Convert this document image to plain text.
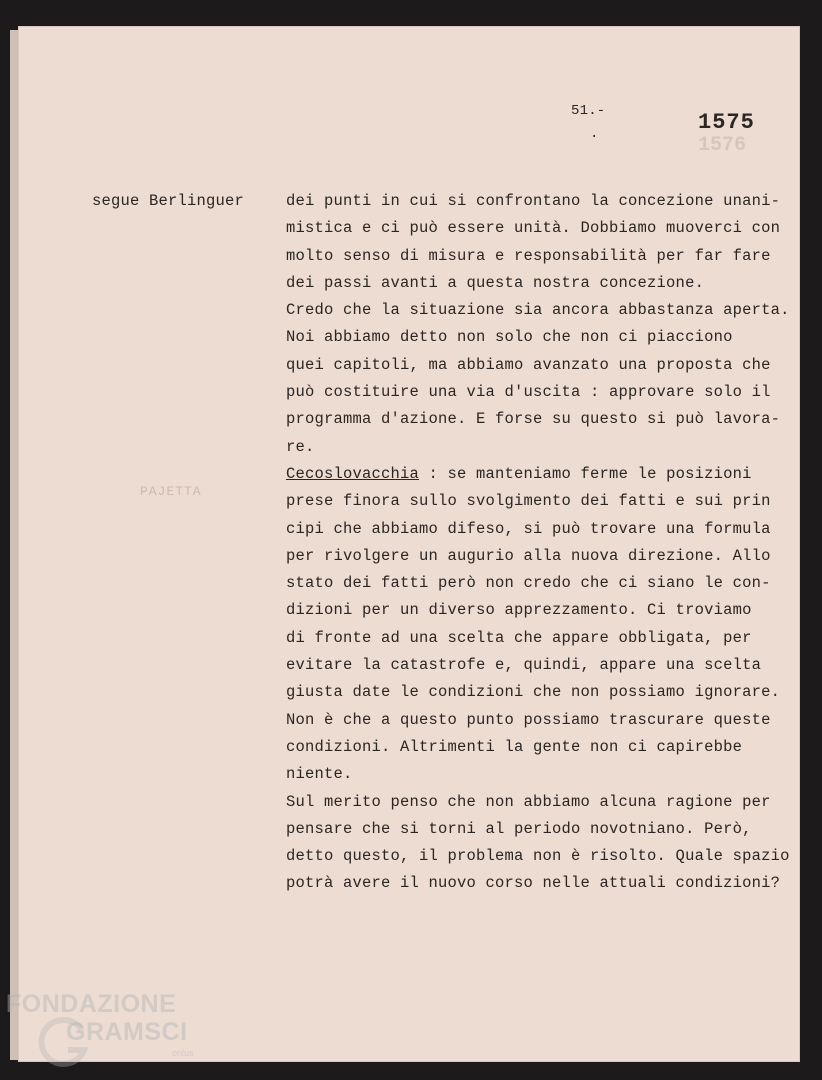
1576
PAJETTA
51.-
.	1575
segue Berlinguer	dei punti in cui si confrontano la concezione unani-
mistica e ci può essere unità. Dobbiamo muoverci con
molto senso di misura e responsabilità per far fare
dei passi avanti a questa nostra concezione.
Credo che la situazione sia ancora abbastanza aperta.
Noi abbiamo detto non solo che non ci piacciono
quei capitoli, ma abbiamo avanzato una proposta che
può costituire una via d'uscita : approvare solo il
programma d'azione. E forse su questo si può lavora-
re.
Cecoslovacchia : se manteniamo ferme le posizioni
prese finora sullo svolgimento dei fatti e sui prin
cipi che abbiamo difeso, si può trovare una formula
per rivolgere un augurio alla nuova direzione. Allo
stato dei fatti però non credo che ci siano le con-
dizioni per un diverso apprezzamento. Ci troviamo
di fronte ad una scelta che appare obbligata, per
evitare la catastrofe e, quindi, appare una scelta
giusta date le condizioni che non possiamo ignorare.
Non è che a questo punto possiamo trascurare queste
condizioni. Altrimenti la gente non ci capirebbe
niente.
Sul merito penso che non abbiamo alcuna ragione per
pensare che si torni al periodo novotniano. Però,
detto questo, il problema non è risolto. Quale spazio
potrà avere il nuovo corso nelle attuali condizioni?
FONDAZIONE
GRAMSCI
onlus
